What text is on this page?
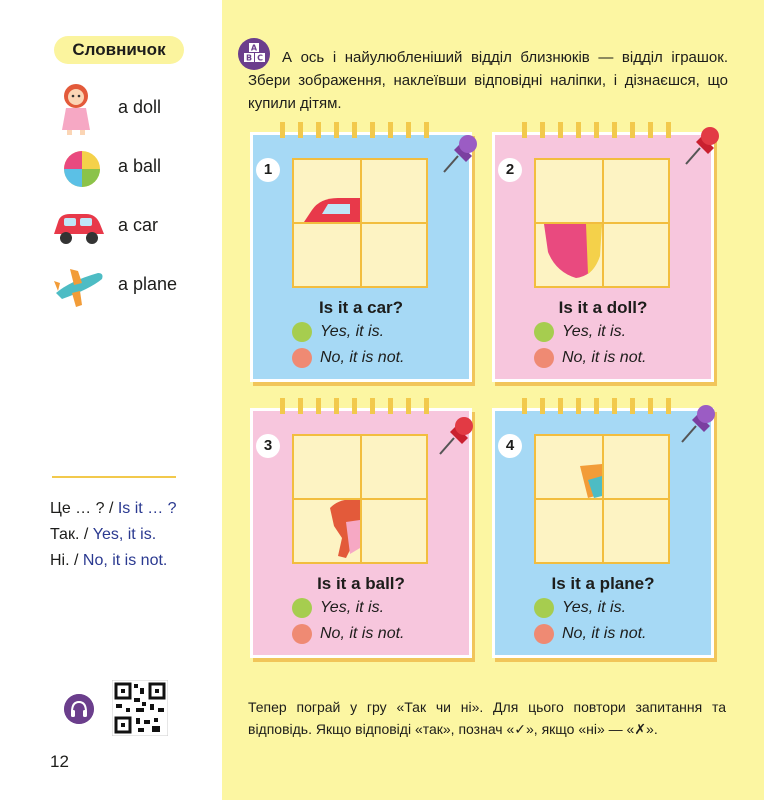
Словничок
a doll
a ball
a car
a plane
Це … ? / Is it … ?
Так. / Yes, it is.
Ні. / No, it is not.
12
A
B C	А ось і найулюбленіший відділ близнюків — відділ іграшок. Збери зображення, наклеївши відповідні наліпки, і дізнаєшся, що купили дітям.
1
Is it a car?
Yes, it is.
No, it is not.
2
Is it a doll?
Yes, it is.
No, it is not.
3
Is it a ball?
Yes, it is.
No, it is not.
4
Is it a plane?
Yes, it is.
No, it is not.
Тепер пограй у гру «Так чи ні». Для цього повтори запитання та відповідь. Якщо відповіді «так», познач «✓», якщо «ні» — «✗».
